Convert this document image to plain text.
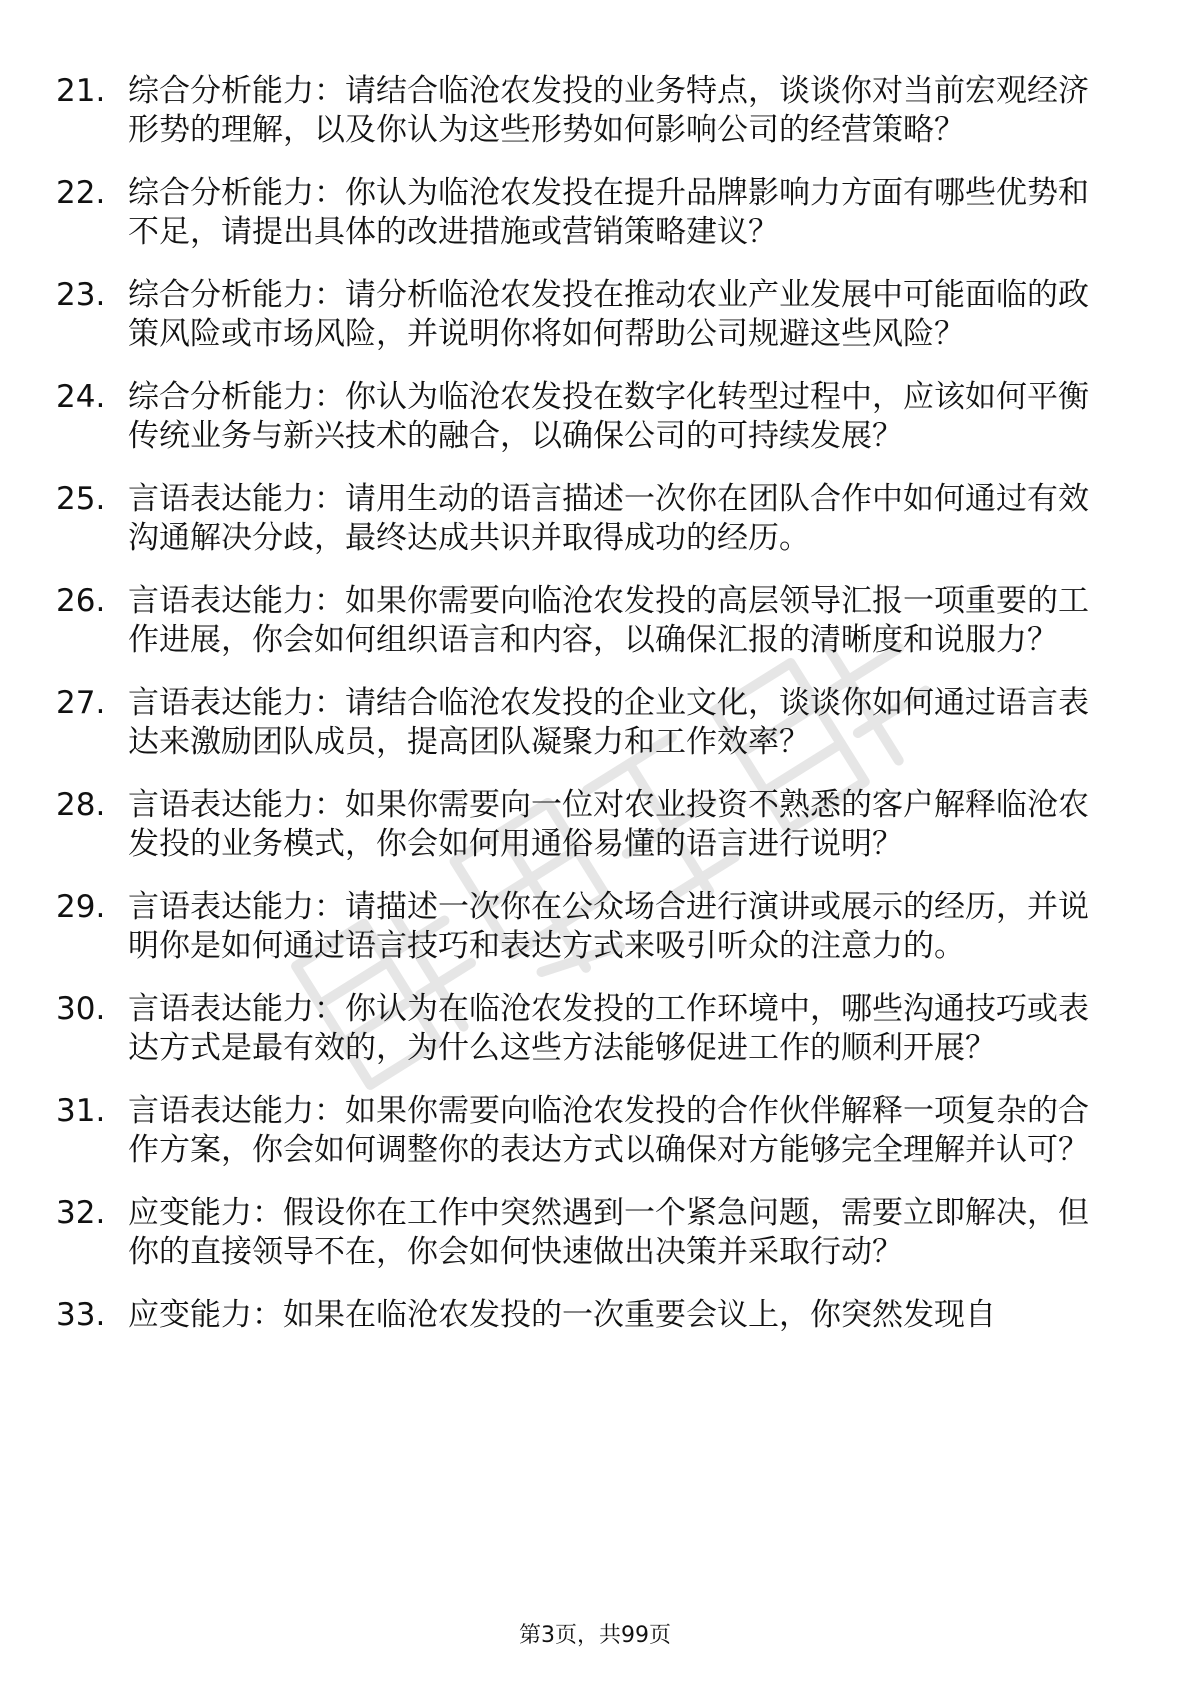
21. 综合分析能力：请结合临沧农发投的业务特点，谈谈你对当前宏观经济形势的理解，以及你认为这些形势如何影响公司的经营策略？
22. 综合分析能力：你认为临沧农发投在提升品牌影响力方面有哪些优势和不足，请提出具体的改进措施或营销策略建议？
23. 综合分析能力：请分析临沧农发投在推动农业产业发展中可能面临的政策风险或市场风险，并说明你将如何帮助公司规避这些风险？
24. 综合分析能力：你认为临沧农发投在数字化转型过程中，应该如何平衡传统业务与新兴技术的融合，以确保公司的可持续发展？
25. 言语表达能力：请用生动的语言描述一次你在团队合作中如何通过有效沟通解决分歧，最终达成共识并取得成功的经历。
26. 言语表达能力：如果你需要向临沧农发投的高层领导汇报一项重要的工作进展，你会如何组织语言和内容，以确保汇报的清晰度和说服力？
27. 言语表达能力：请结合临沧农发投的企业文化，谈谈你如何通过语言表达来激励团队成员，提高团队凝聚力和工作效率？
28. 言语表达能力：如果你需要向一位对农业投资不熟悉的客户解释临沧农发投的业务模式，你会如何用通俗易懂的语言进行说明？
29. 言语表达能力：请描述一次你在公众场合进行演讲或展示的经历，并说明你是如何通过语言技巧和表达方式来吸引听众的注意力的。
30. 言语表达能力：你认为在临沧农发投的工作环境中，哪些沟通技巧或表达方式是最有效的，为什么这些方法能够促进工作的顺利开展？
31. 言语表达能力：如果你需要向临沧农发投的合作伙伴解释一项复杂的合作方案，你会如何调整你的表达方式以确保对方能够完全理解并认可？
32. 应变能力：假设你在工作中突然遇到一个紧急问题，需要立即解决，但你的直接领导不在，你会如何快速做出决策并采取行动？
33. 应变能力：如果在临沧农发投的一次重要会议上，你突然发现自
第3页，共99页
